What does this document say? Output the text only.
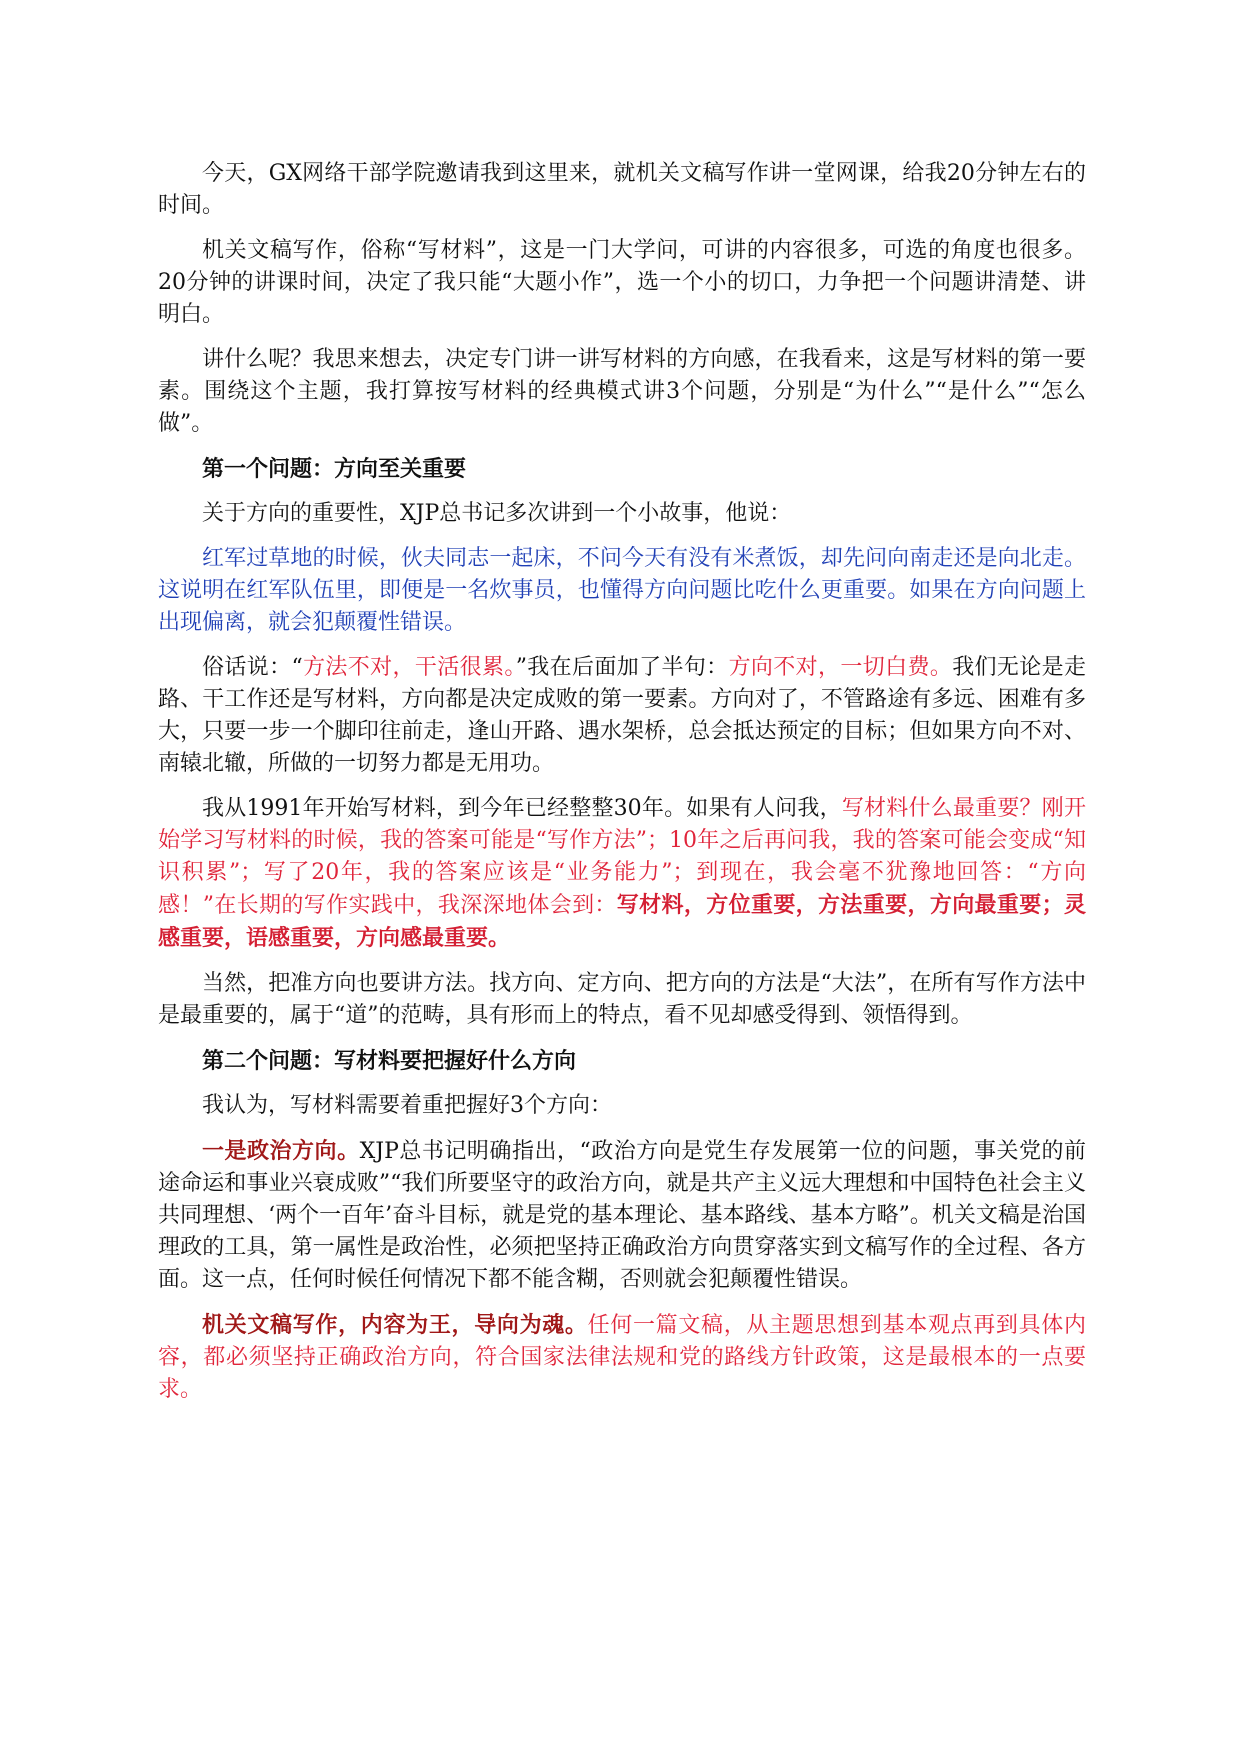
今天，GX网络干部学院邀请我到这里来，就机关文稿写作讲一堂网课，给我20分钟左右的时间。

机关文稿写作，俗称“写材料”，这是一门大学问，可讲的内容很多，可选的角度也很多。20分钟的讲课时间，决定了我只能“大题小作”，选一个小的切口，力争把一个问题讲清楚、讲明白。

讲什么呢？我思来想去，决定专门讲一讲写材料的方向感，在我看来，这是写材料的第一要素。围绕这个主题，我打算按写材料的经典模式讲3个问题，分别是“为什么”“是什么”“怎么做”。

第一个问题：方向至关重要

关于方向的重要性，XJP总书记多次讲到一个小故事，他说：

红军过草地的时候，伙夫同志一起床，不问今天有没有米煮饭，却先问向南走还是向北走。这说明在红军队伍里，即便是一名炊事员，也懂得方向问题比吃什么更重要。如果在方向问题上出现偏离，就会犯颠覆性错误。

俗话说：“方法不对，干活很累。”我在后面加了半句：方向不对，一切白费。我们无论是走路、干工作还是写材料，方向都是决定成败的第一要素。方向对了，不管路途有多远、困难有多大，只要一步一个脚印往前走，逢山开路、遇水架桥，总会抵达预定的目标；但如果方向不对、南辕北辙，所做的一切努力都是无用功。

我从1991年开始写材料，到今年已经整整30年。如果有人问我，写材料什么最重要？刚开始学习写材料的时候，我的答案可能是“写作方法”；10年之后再问我，我的答案可能会变成“知识积累”；写了20年，我的答案应该是“业务能力”；到现在，我会毫不犹豫地回答：“方向感！”在长期的写作实践中，我深深地体会到：写材料，方位重要，方法重要，方向最重要；灵感重要，语感重要，方向感最重要。

当然，把准方向也要讲方法。找方向、定方向、把方向的方法是“大法”，在所有写作方法中是最重要的，属于“道”的范畴，具有形而上的特点，看不见却感受得到、领悟得到。

第二个问题：写材料要把握好什么方向

我认为，写材料需要着重把握好3个方向：

一是政治方向。XJP总书记明确指出，“政治方向是党生存发展第一位的问题，事关党的前途命运和事业兴衰成败”“我们所要坚守的政治方向，就是共产主义远大理想和中国特色社会主义共同理想、‘两个一百年’奋斗目标，就是党的基本理论、基本路线、基本方略”。机关文稿是治国理政的工具，第一属性是政治性，必须把坚持正确政治方向贯穿落实到文稿写作的全过程、各方面。这一点，任何时候任何情况下都不能含糊，否则就会犯颠覆性错误。

机关文稿写作，内容为王，导向为魂。任何一篇文稿，从主题思想到基本观点再到具体内容，都必须坚持正确政治方向，符合国家法律法规和党的路线方针政策，这是最根本的一点要求。
